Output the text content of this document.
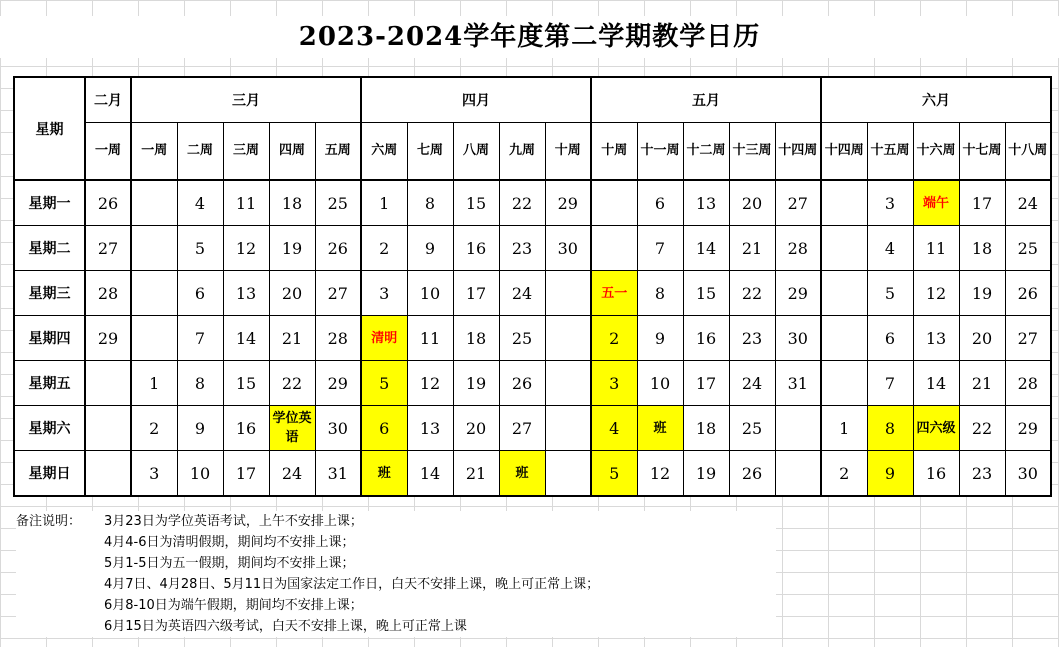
2023-2024学年度第二学期教学日历
星期	二月	三月					四月					五月					六月				
	一周	一周	二周	三周	四周	五周	六周	七周	八周	九周	十周	十周	十一周	十二周	十三周	十四周	十四周	十五周	十六周	十七周	十八周
星期一	26		4	11	18	25	1	8	15	22	29		6	13	20	27		3	端午	17	24
星期二	27		5	12	19	26	2	9	16	23	30		7	14	21	28		4	11	18	25
星期三	28		6	13	20	27	3	10	17	24		五一	8	15	22	29		5	12	19	26
星期四	29		7	14	21	28	清明	11	18	25		2	9	16	23	30		6	13	20	27
星期五		1	8	15	22	29	5	12	19	26		3	10	17	24	31		7	14	21	28
星期六		2	9	16	学位英语	30	6	13	20	27		4	班	18	25		1	8	四六级	22	29
星期日		3	10	17	24	31	班	14	21	班		5	12	19	26		2	9	16	23	30
备注说明：	3月23日为学位英语考试，上午不安排上课；
4月4-6日为清明假期，期间均不安排上课；
5月1-5日为五一假期，期间均不安排上课；
4月7日、4月28日、5月11日为国家法定工作日，白天不安排上课，晚上可正常上课；
6月8-10日为端午假期，期间均不安排上课；
6月15日为英语四六级考试，白天不安排上课，晚上可正常上课
